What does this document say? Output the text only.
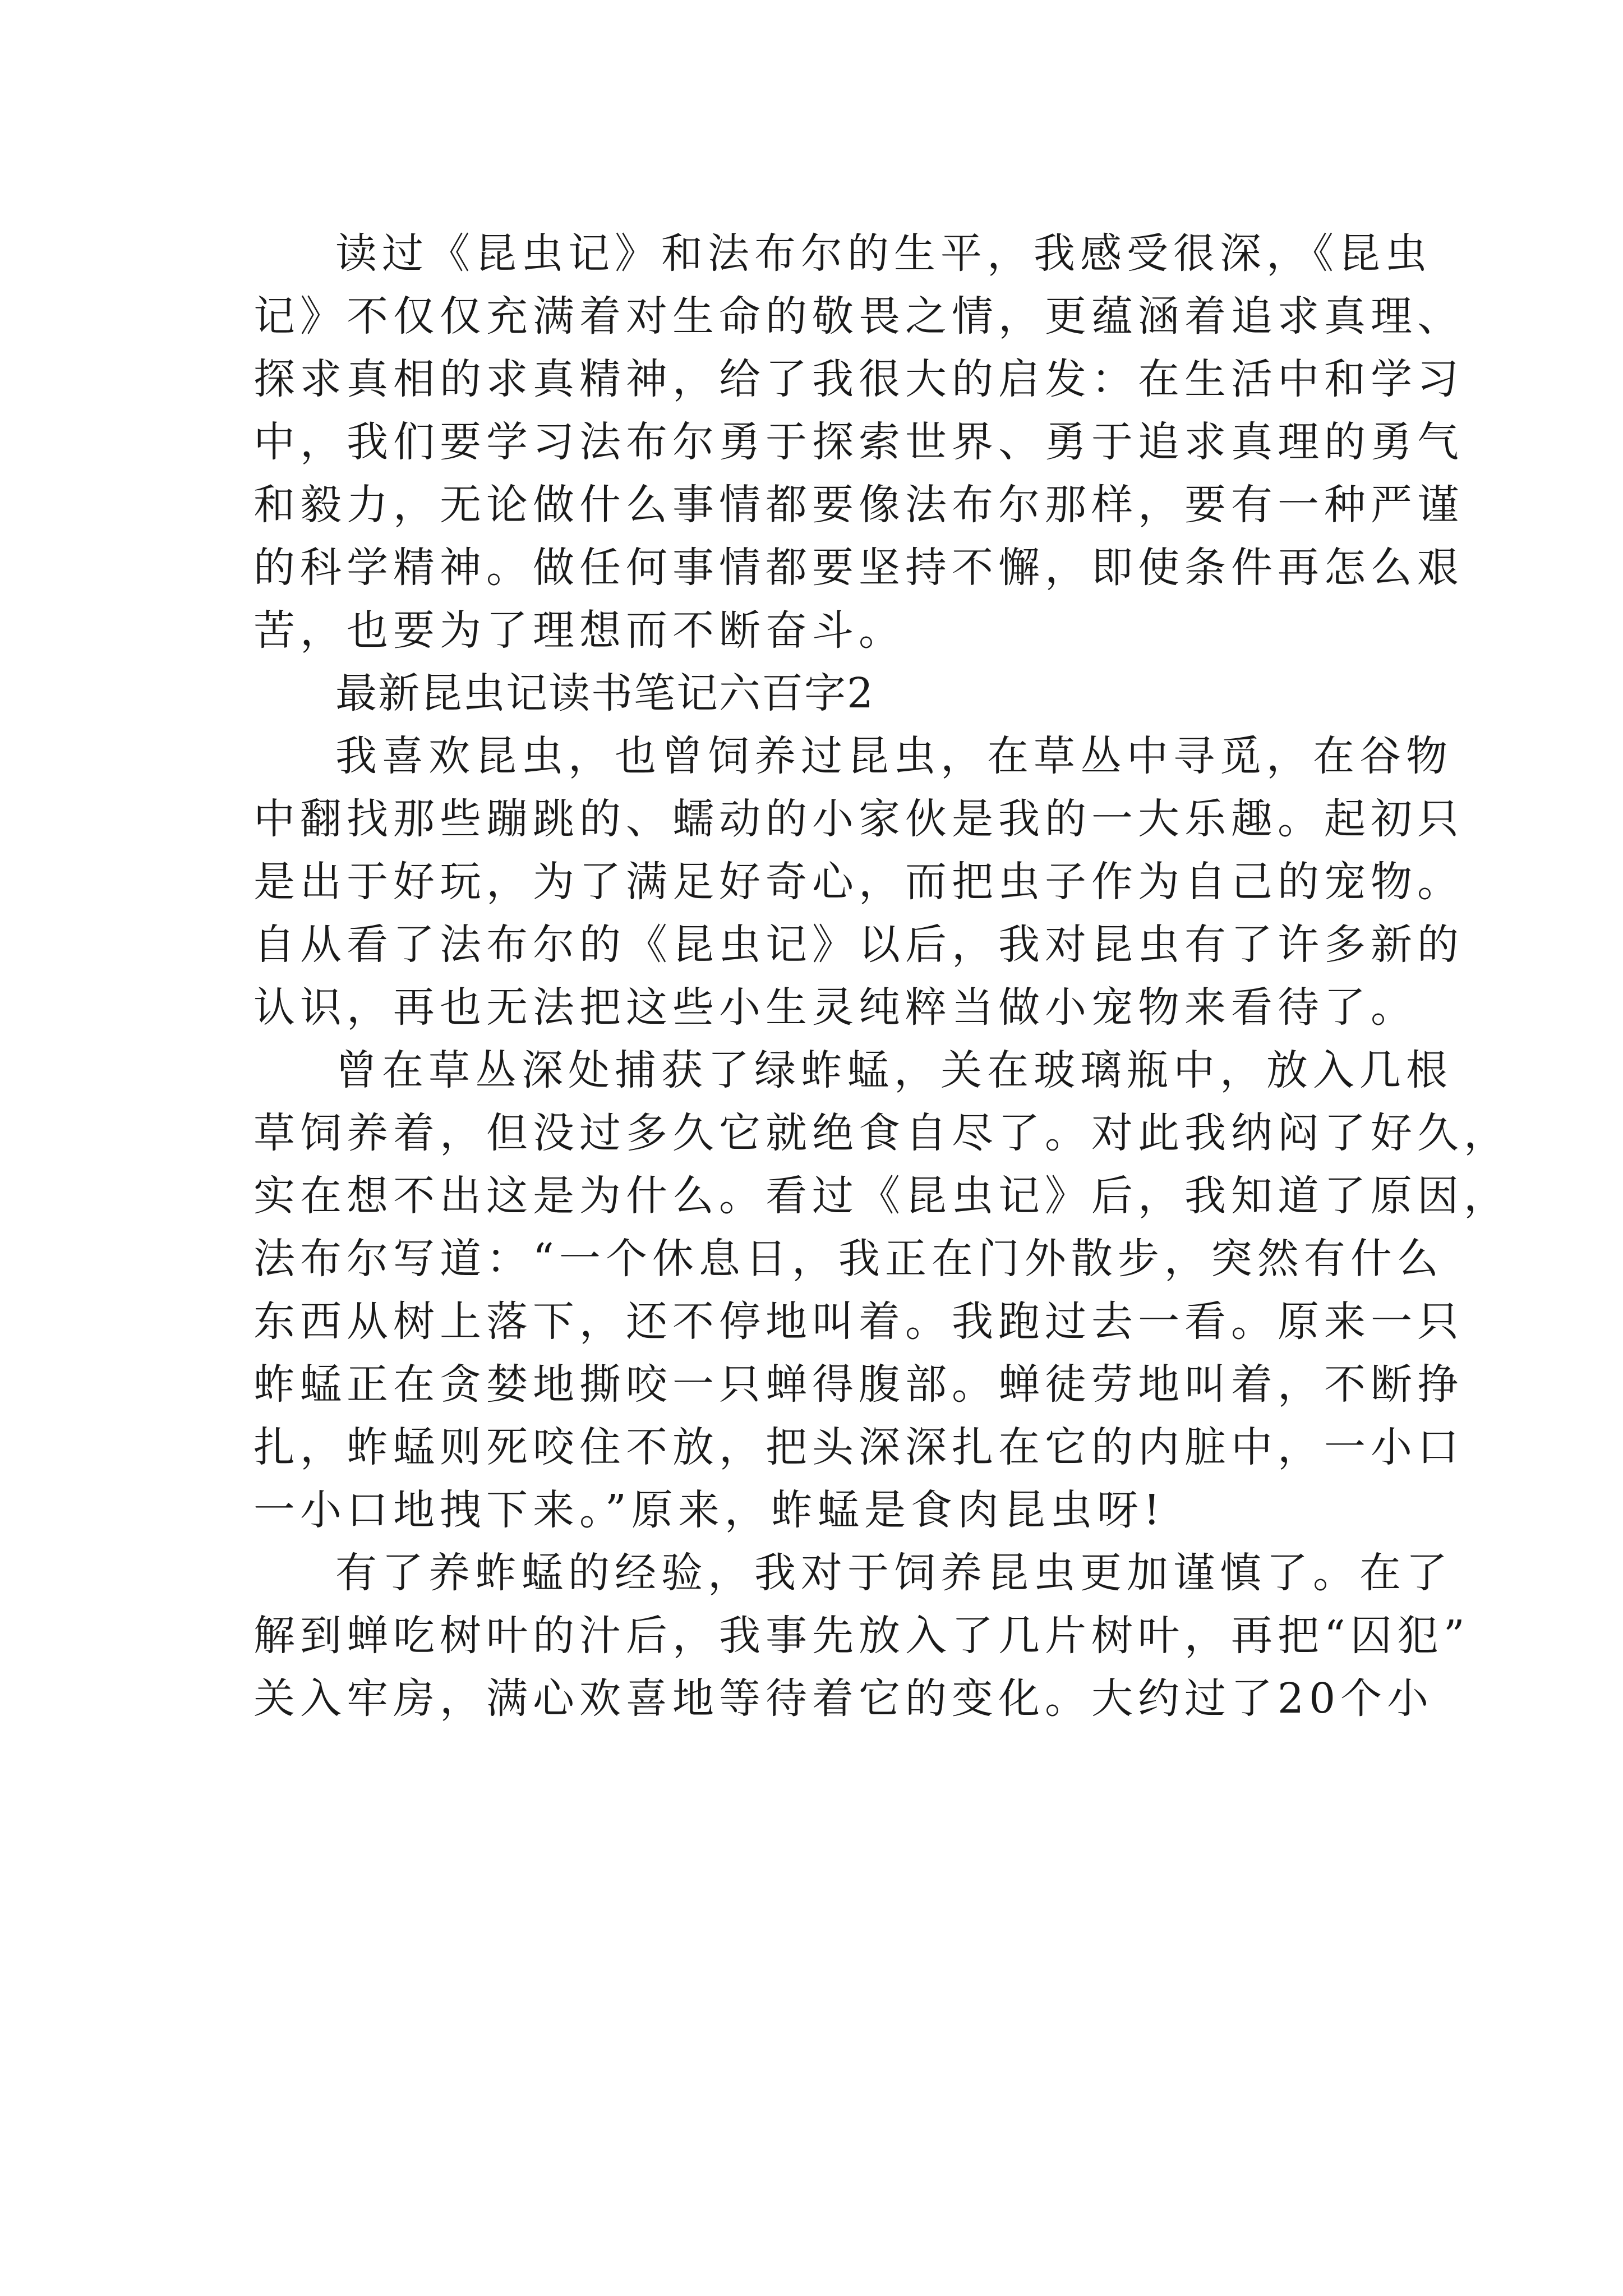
读过《昆虫记》和法布尔的生平，我感受很深，《昆虫
记》不仅仅充满着对生命的敬畏之情，更蕴涵着追求真理、
探求真相的求真精神，给了我很大的启发：在生活中和学习
中，我们要学习法布尔勇于探索世界、勇于追求真理的勇气
和毅力，无论做什么事情都要像法布尔那样，要有一种严谨
的科学精神。做任何事情都要坚持不懈，即使条件再怎么艰
苦，也要为了理想而不断奋斗。
最新昆虫记读书笔记六百字2
我喜欢昆虫，也曾饲养过昆虫，在草丛中寻觅，在谷物
中翻找那些蹦跳的、蠕动的小家伙是我的一大乐趣。起初只
是出于好玩，为了满足好奇心，而把虫子作为自己的宠物。
自从看了法布尔的《昆虫记》以后，我对昆虫有了许多新的
认识，再也无法把这些小生灵纯粹当做小宠物来看待了。
曾在草丛深处捕获了绿蚱蜢，关在玻璃瓶中，放入几根
草饲养着，但没过多久它就绝食自尽了。对此我纳闷了好久，
实在想不出这是为什么。看过《昆虫记》后，我知道了原因，
法布尔写道：“一个休息日，我正在门外散步，突然有什么
东西从树上落下，还不停地叫着。我跑过去一看。原来一只
蚱蜢正在贪婪地撕咬一只蝉得腹部。蝉徒劳地叫着，不断挣
扎，蚱蜢则死咬住不放，把头深深扎在它的内脏中，一小口
一小口地拽下来。”原来，蚱蜢是食肉昆虫呀!
有了养蚱蜢的经验，我对于饲养昆虫更加谨慎了。在了
解到蝉吃树叶的汁后，我事先放入了几片树叶，再把“囚犯”
关入牢房，满心欢喜地等待着它的变化。大约过了20个小
